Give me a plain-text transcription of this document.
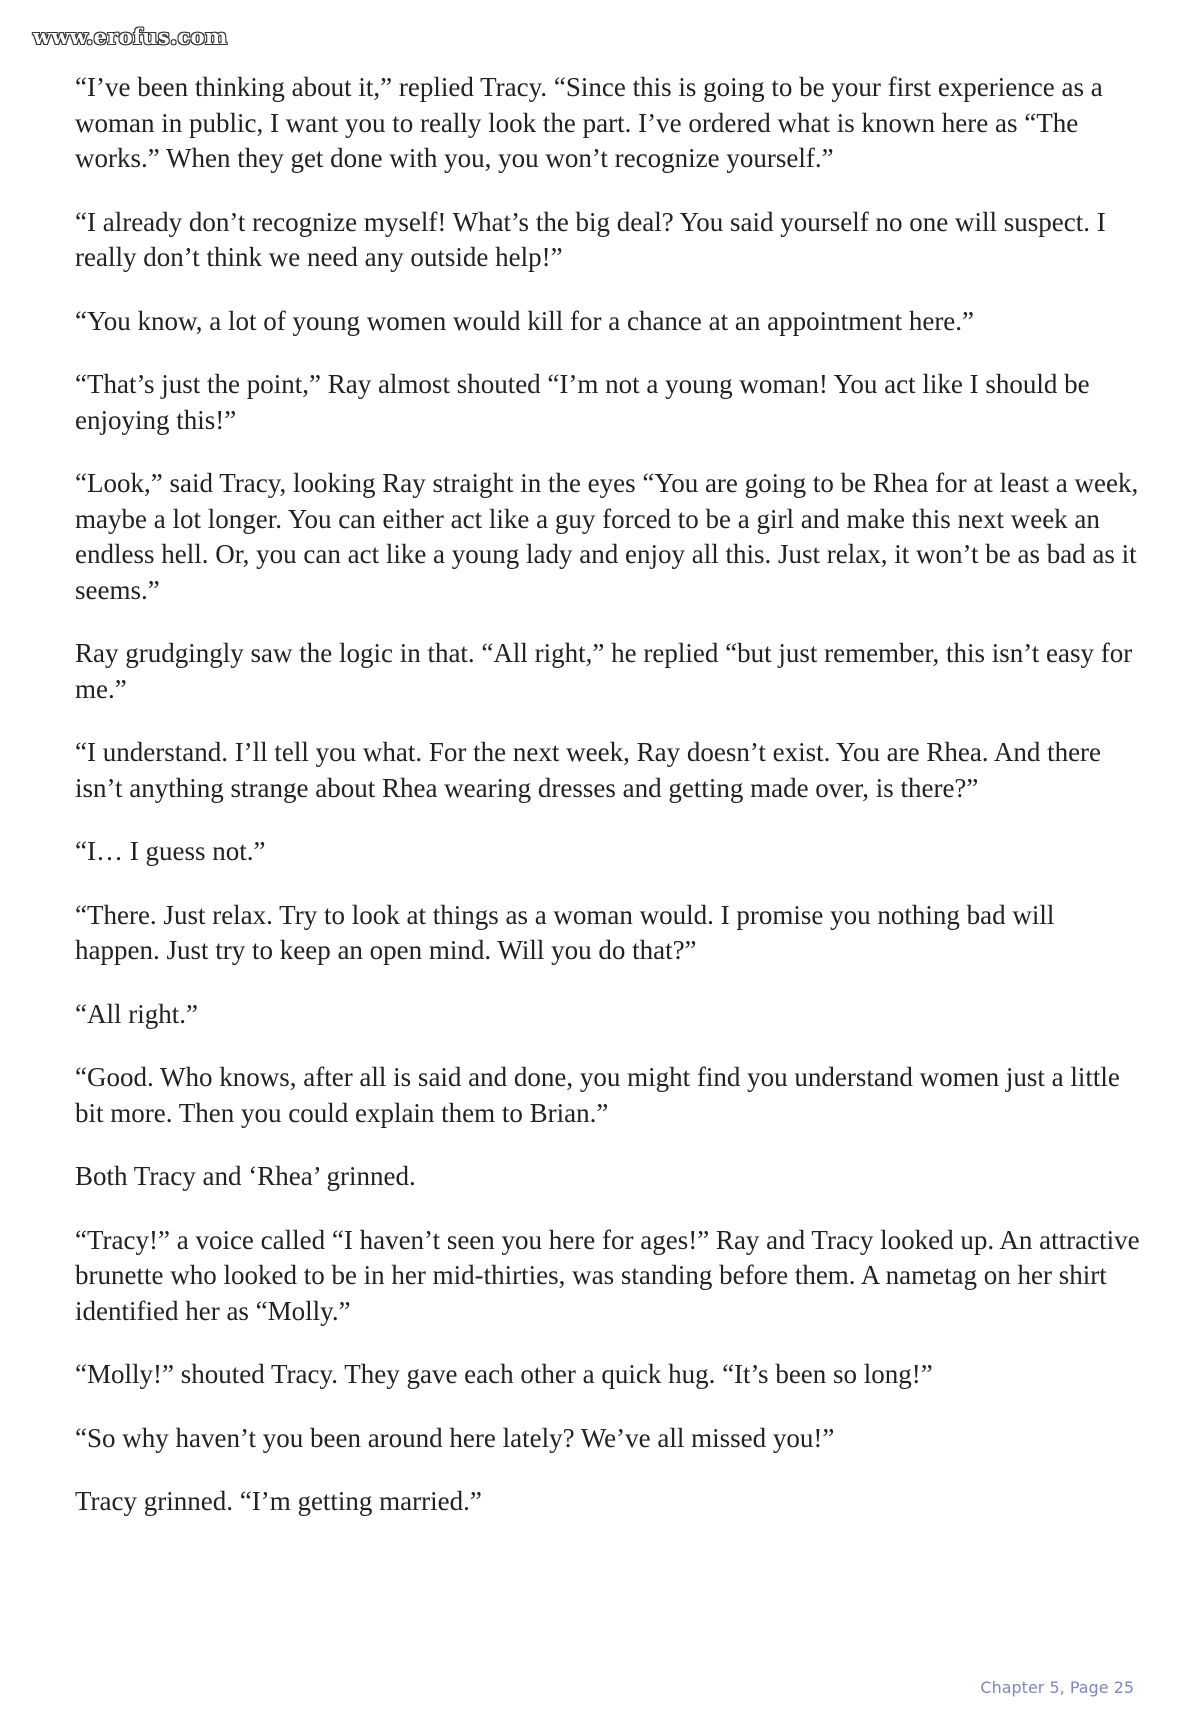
www.erofus.com

“I’ve been thinking about it,” replied Tracy. “Since this is going to be your first experience as a woman in public, I want you to really look the part. I’ve ordered what is known here as “The works.” When they get done with you, you won’t recognize yourself.”

“I already don’t recognize myself! What’s the big deal? You said yourself no one will suspect. I really don’t think we need any outside help!”

“You know, a lot of young women would kill for a chance at an appointment here.”

“That’s just the point,” Ray almost shouted “I’m not a young woman! You act like I should be enjoying this!”

“Look,” said Tracy, looking Ray straight in the eyes “You are going to be Rhea for at least a week, maybe a lot longer. You can either act like a guy forced to be a girl and make this next week an endless hell. Or, you can act like a young lady and enjoy all this. Just relax, it won’t be as bad as it seems.”

Ray grudgingly saw the logic in that. “All right,” he replied “but just remember, this isn’t easy for me.”

“I understand. I’ll tell you what. For the next week, Ray doesn’t exist. You are Rhea. And there isn’t anything strange about Rhea wearing dresses and getting made over, is there?”

“I… I guess not.”

“There. Just relax. Try to look at things as a woman would. I promise you nothing bad will happen. Just try to keep an open mind. Will you do that?”

“All right.”

“Good. Who knows, after all is said and done, you might find you understand women just a little bit more. Then you could explain them to Brian.”

Both Tracy and ‘Rhea’ grinned.

“Tracy!” a voice called “I haven’t seen you here for ages!” Ray and Tracy looked up. An attractive brunette who looked to be in her mid-thirties, was standing before them. A nametag on her shirt identified her as “Molly.”

“Molly!” shouted Tracy. They gave each other a quick hug. “It’s been so long!”

“So why haven’t you been around here lately? We’ve all missed you!”

Tracy grinned. “I’m getting married.”

Chapter 5, Page 25
